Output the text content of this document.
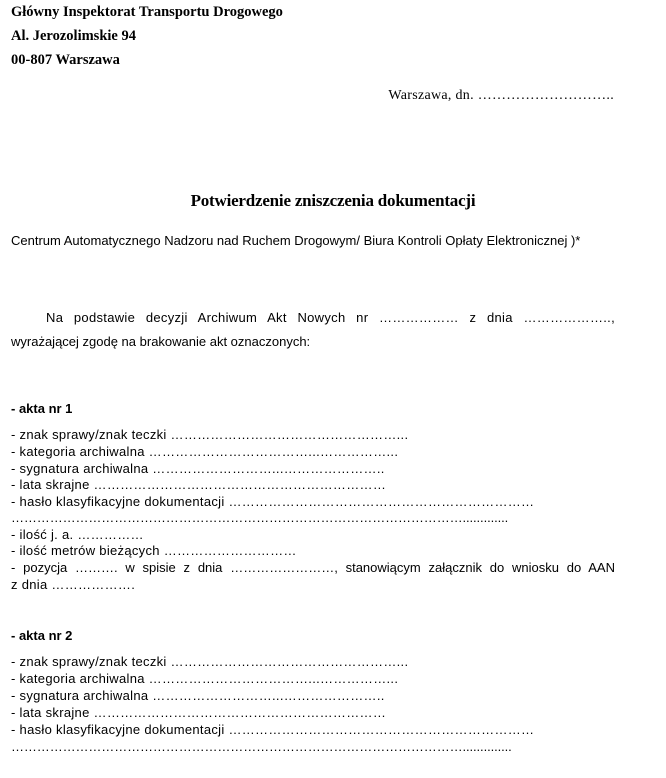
Główny Inspektorat Transportu Drogowego
Al. Jerozolimskie 94
00-807 Warszawa
Warszawa, dn. ………………………..
Potwierdzenie zniszczenia dokumentacji
Centrum Automatycznego Nadzoru nad Ruchem Drogowym/ Biura Kontroli Opłaty Elektronicznej )*
Na podstawie decyzji Archiwum Akt Nowych nr ……………… z dnia ………………..,
wyrażającej zgodę na brakowanie akt oznaczonych:
- akta nr 1
- znak sprawy/znak teczki ……………………………………………...
- kategoria archiwalna ………………………………...……………...
- sygnatura archiwalna ………………………...…………………..
- lata skrajne …………………………………………………………
- hasło klasyfikacyjne dokumentacji ……………………………………………………………
…………………………………………………………………………………………….............
- ilość j. a. ……………
- ilość metrów bieżących …………………………
- pozycja ………. w spisie z dnia ……………………, stanowiącym załącznik do wniosku do AAN
z dnia ……………….
- akta nr 2
- znak sprawy/znak teczki ……………………………………………...
- kategoria archiwalna ………………………………...……………...
- sygnatura archiwalna ………………………...…………………..
- lata skrajne …………………………………………………………
- hasło klasyfikacyjne dokumentacji ……………………………………………………………
……………………………………………………………………………………………..............
